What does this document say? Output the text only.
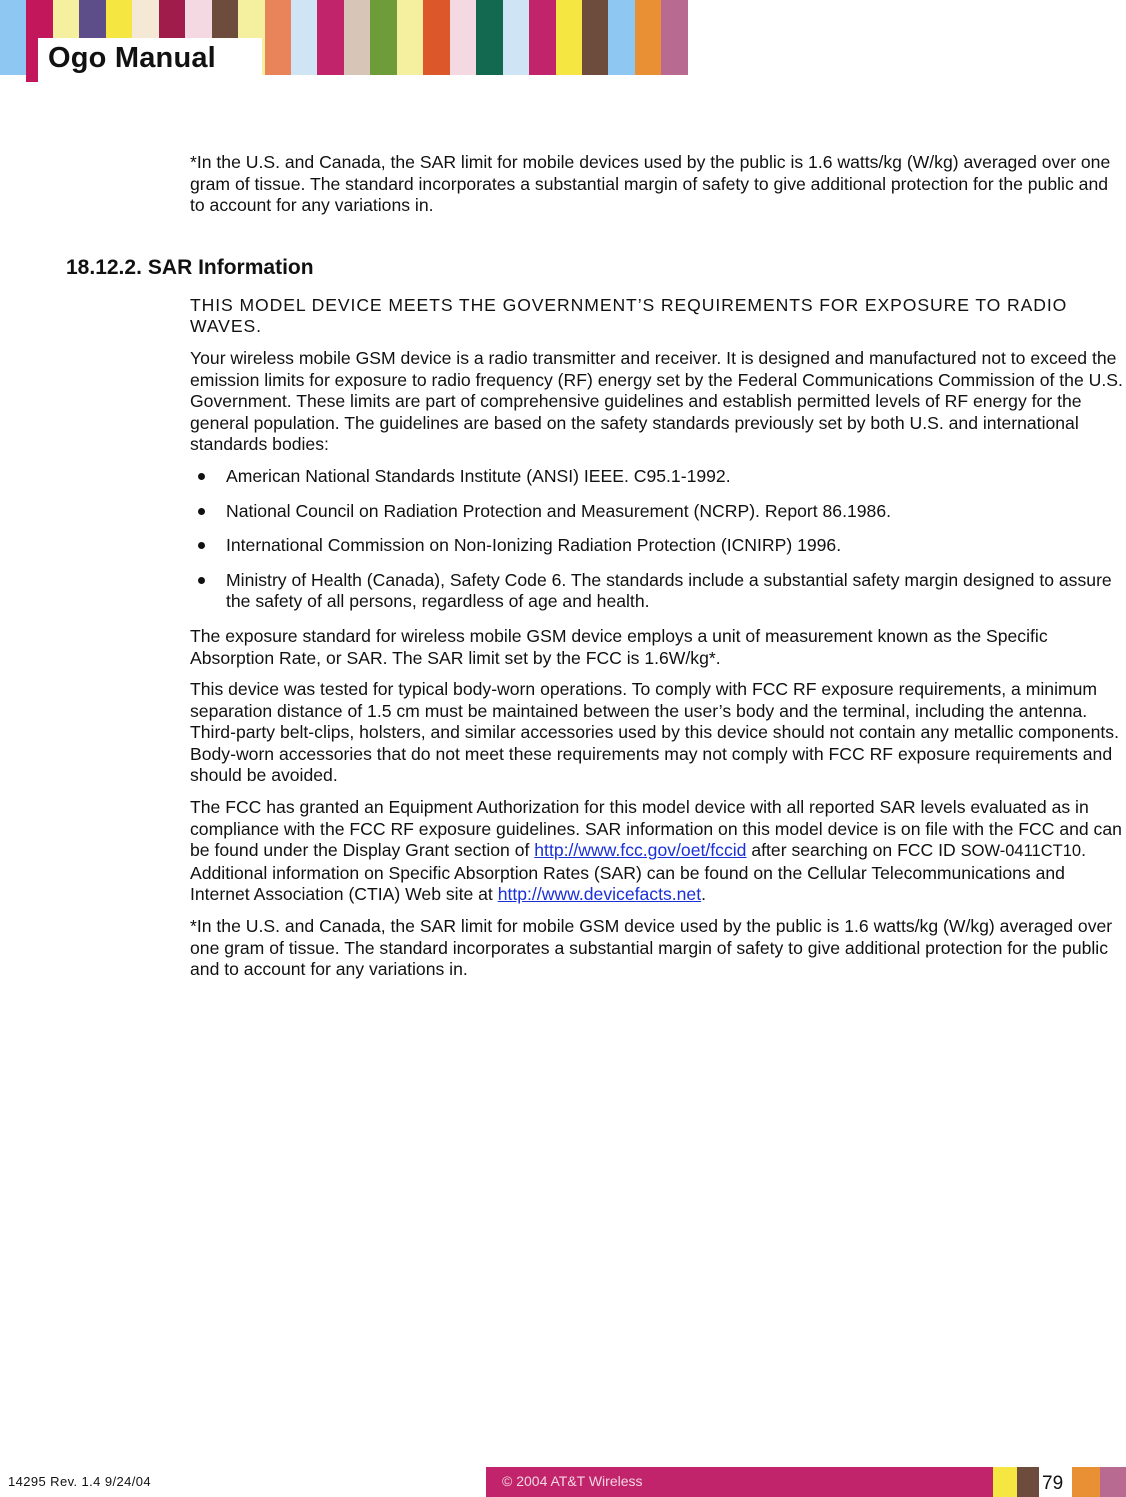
Ogo Manual
18.12.2. SAR Information

*In the U.S. and Canada, the SAR limit for mobile devices used by the public is 1.6 watts/kg (W/kg) averaged over one gram of tissue. The standard incorporates a substantial margin of safety to give additional protection for the public and to account for any variations in.

THIS MODEL DEVICE MEETS THE GOVERNMENT’S REQUIREMENTS FOR EXPOSURE TO RADIO WAVES.

Your wireless mobile GSM device is a radio transmitter and receiver. It is designed and manufactured not to exceed the emission limits for exposure to radio frequency (RF) energy set by the Federal Communications Commission of the U.S. Government. These limits are part of comprehensive guidelines and establish permitted levels of RF energy for the general population. The guidelines are based on the safety standards previously set by both U.S. and international standards bodies:

American National Standards Institute (ANSI) IEEE. C95.1-1992.
National Council on Radiation Protection and Measurement (NCRP). Report 86.1986.
International Commission on Non-Ionizing Radiation Protection (ICNIRP) 1996.
Ministry of Health (Canada), Safety Code 6. The standards include a substantial safety margin designed to assure the safety of all persons, regardless of age and health.

The exposure standard for wireless mobile GSM device employs a unit of measurement known as the Specific Absorption Rate, or SAR. The SAR limit set by the FCC is 1.6W/kg*.

This device was tested for typical body-worn operations. To comply with FCC RF exposure requirements, a minimum separation distance of 1.5 cm must be maintained between the user’s body and the terminal, including the antenna. Third-party belt-clips, holsters, and similar accessories used by this device should not contain any metallic components. Body-worn accessories that do not meet these requirements may not comply with FCC RF exposure requirements and should be avoided.

The FCC has granted an Equipment Authorization for this model device with all reported SAR levels evaluated as in compliance with the FCC RF exposure guidelines. SAR information on this model device is on file with the FCC and can be found under the Display Grant section of http://www.fcc.gov/oet/fccid after searching on FCC ID SOW-0411CT10. Additional information on Specific Absorption Rates (SAR) can be found on the Cellular Telecommunications and Internet Association (CTIA) Web site at http://www.devicefacts.net.

*In the U.S. and Canada, the SAR limit for mobile GSM device used by the public is 1.6 watts/kg (W/kg) averaged over one gram of tissue. The standard incorporates a substantial margin of safety to give additional protection for the public and to account for any variations in.

14295 Rev. 1.4 9/24/04	© 2004 AT&T Wireless	79
